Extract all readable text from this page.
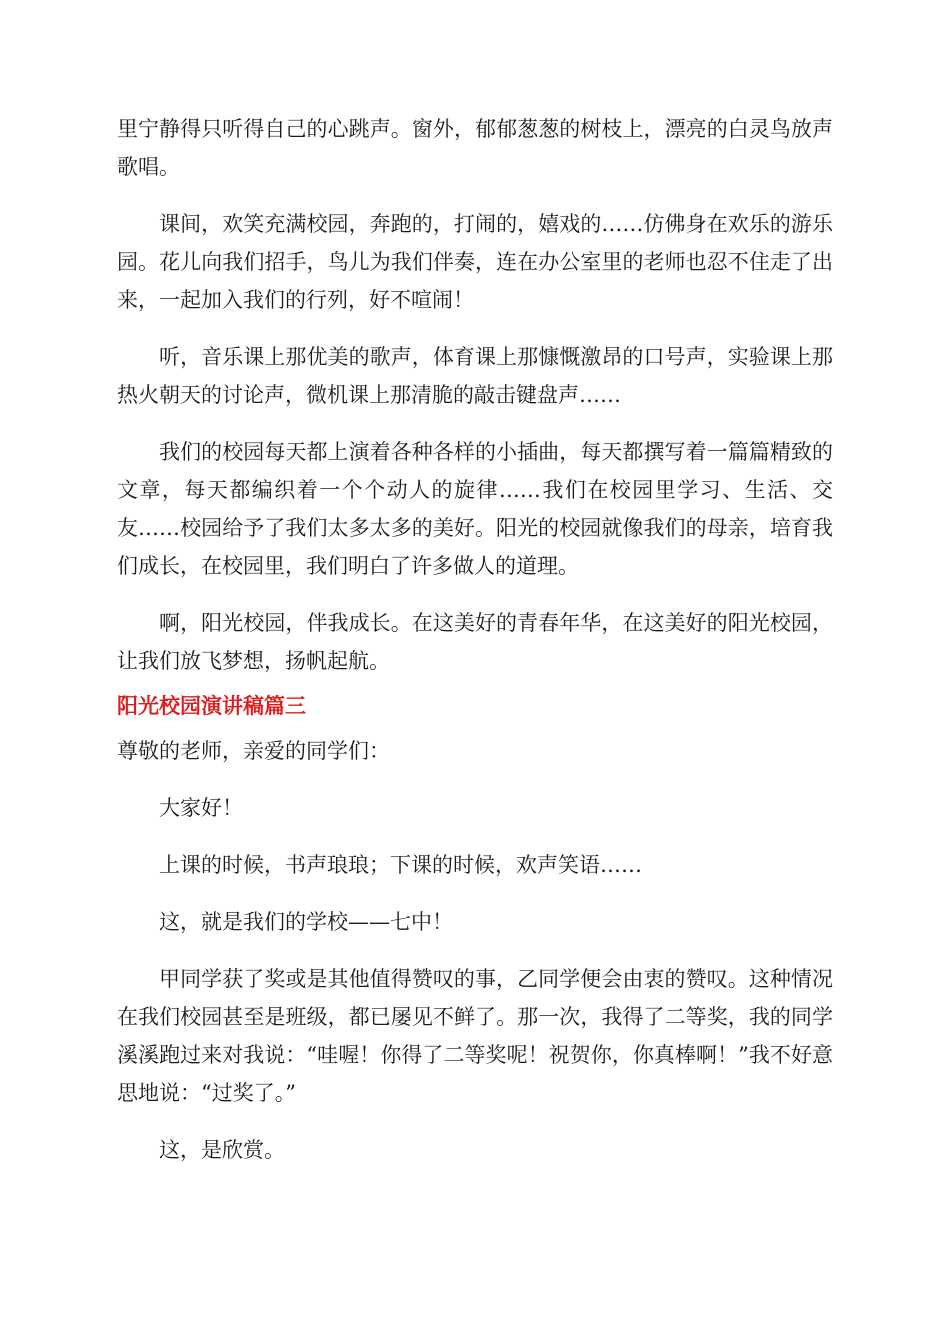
里宁静得只听得自己的心跳声。窗外，郁郁葱葱的树枝上，漂亮的白灵鸟放声歌唱。

课间，欢笑充满校园，奔跑的，打闹的，嬉戏的……仿佛身在欢乐的游乐园。花儿向我们招手，鸟儿为我们伴奏，连在办公室里的老师也忍不住走了出来，一起加入我们的行列，好不喧闹！

听，音乐课上那优美的歌声，体育课上那慷慨激昂的口号声，实验课上那热火朝天的讨论声，微机课上那清脆的敲击键盘声……

我们的校园每天都上演着各种各样的小插曲，每天都撰写着一篇篇精致的文章，每天都编织着一个个动人的旋律……我们在校园里学习、生活、交友……校园给予了我们太多太多的美好。阳光的校园就像我们的母亲，培育我们成长，在校园里，我们明白了许多做人的道理。

啊，阳光校园，伴我成长。在这美好的青春年华，在这美好的阳光校园，让我们放飞梦想，扬帆起航。

阳光校园演讲稿篇三

尊敬的老师，亲爱的同学们：

大家好！

上课的时候，书声琅琅；下课的时候，欢声笑语……

这，就是我们的学校——七中！

甲同学获了奖或是其他值得赞叹的事，乙同学便会由衷的赞叹。这种情况在我们校园甚至是班级，都已屡见不鲜了。那一次，我得了二等奖，我的同学溪溪跑过来对我说：“哇喔！你得了二等奖呢！祝贺你，你真棒啊！”我不好意思地说：“过奖了。”

这，是欣赏。
